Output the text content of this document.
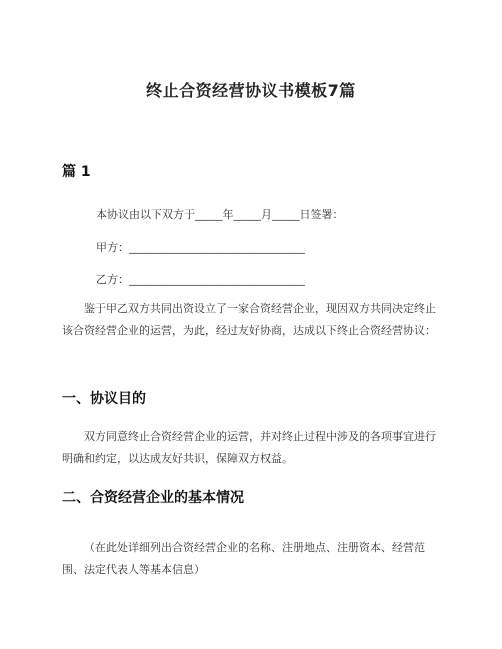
终止合资经营协议书模板7篇
篇 1
本协议由以下双方于_____年_____月_____日签署：
甲方：________________________________
乙方：________________________________
鉴于甲乙双方共同出资设立了一家合资经营企业，现因双方共同决定终止该合资经营企业的运营，为此，经过友好协商，达成以下终止合资经营协议：
一、协议目的
双方同意终止合资经营企业的运营，并对终止过程中涉及的各项事宜进行明确和约定，以达成友好共识，保障双方权益。
二、合资经营企业的基本情况
（在此处详细列出合资经营企业的名称、注册地点、注册资本、经营范围、法定代表人等基本信息）
